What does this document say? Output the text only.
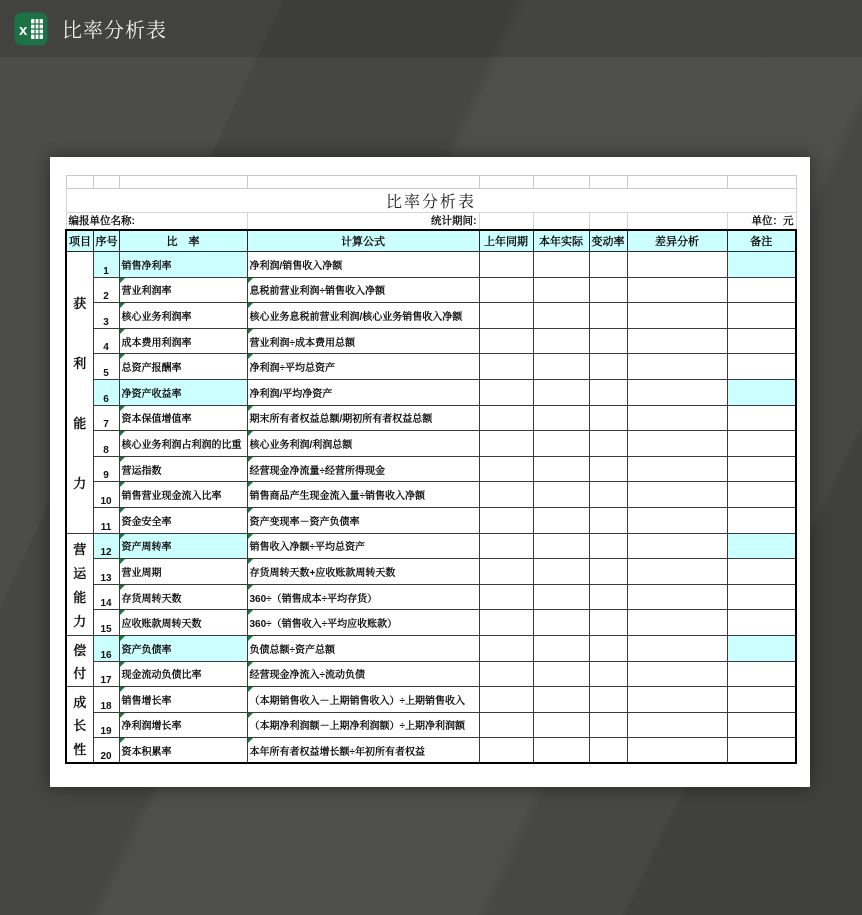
x 比率分析表

比率分析表								
编报单位名称:			统计期间:					单位：元
项目	序号	比　率	计算公式	上年同期	本年实际	变动率	差异分析	备注

获
利
能
力	1	销售净利率	净利润/销售收入净额					
	2	营业利润率	息税前营业利润÷销售收入净额					
	3	核心业务利润率	核心业务息税前营业利润/核心业务销售收入净额					
	4	成本费用利润率	营业利润÷成本费用总额					
	5	总资产报酬率	净利润÷平均总资产					
	6	净资产收益率	净利润/平均净资产					
	7	资本保值增值率	期末所有者权益总额/期初所有者权益总额					
	8	核心业务利润占利润的比重	核心业务利润/利润总额					
	9	营运指数	经营现金净流量÷经营所得现金					
	10	销售营业现金流入比率	销售商品产生现金流入量÷销售收入净额					
	11	资金安全率	资产变现率－资产负债率					

营
运
能
力	12	资产周转率	销售收入净额÷平均总资产					
	13	营业周期	存货周转天数+应收账款周转天数					
	14	存货周转天数	360÷（销售成本÷平均存货）					
	15	应收账款周转天数	360÷（销售收入÷平均应收账款）					

偿
付	16	资产负债率	负债总额÷资产总额					
	17	现金流动负债比率	经营现金净流入÷流动负债					

成
长
性	18	销售增长率	（本期销售收入－上期销售收入）÷上期销售收入					
	19	净利润增长率	（本期净利润额－上期净利润额）÷上期净利润额					
	20	资本积累率	本年所有者权益增长额÷年初所有者权益					
